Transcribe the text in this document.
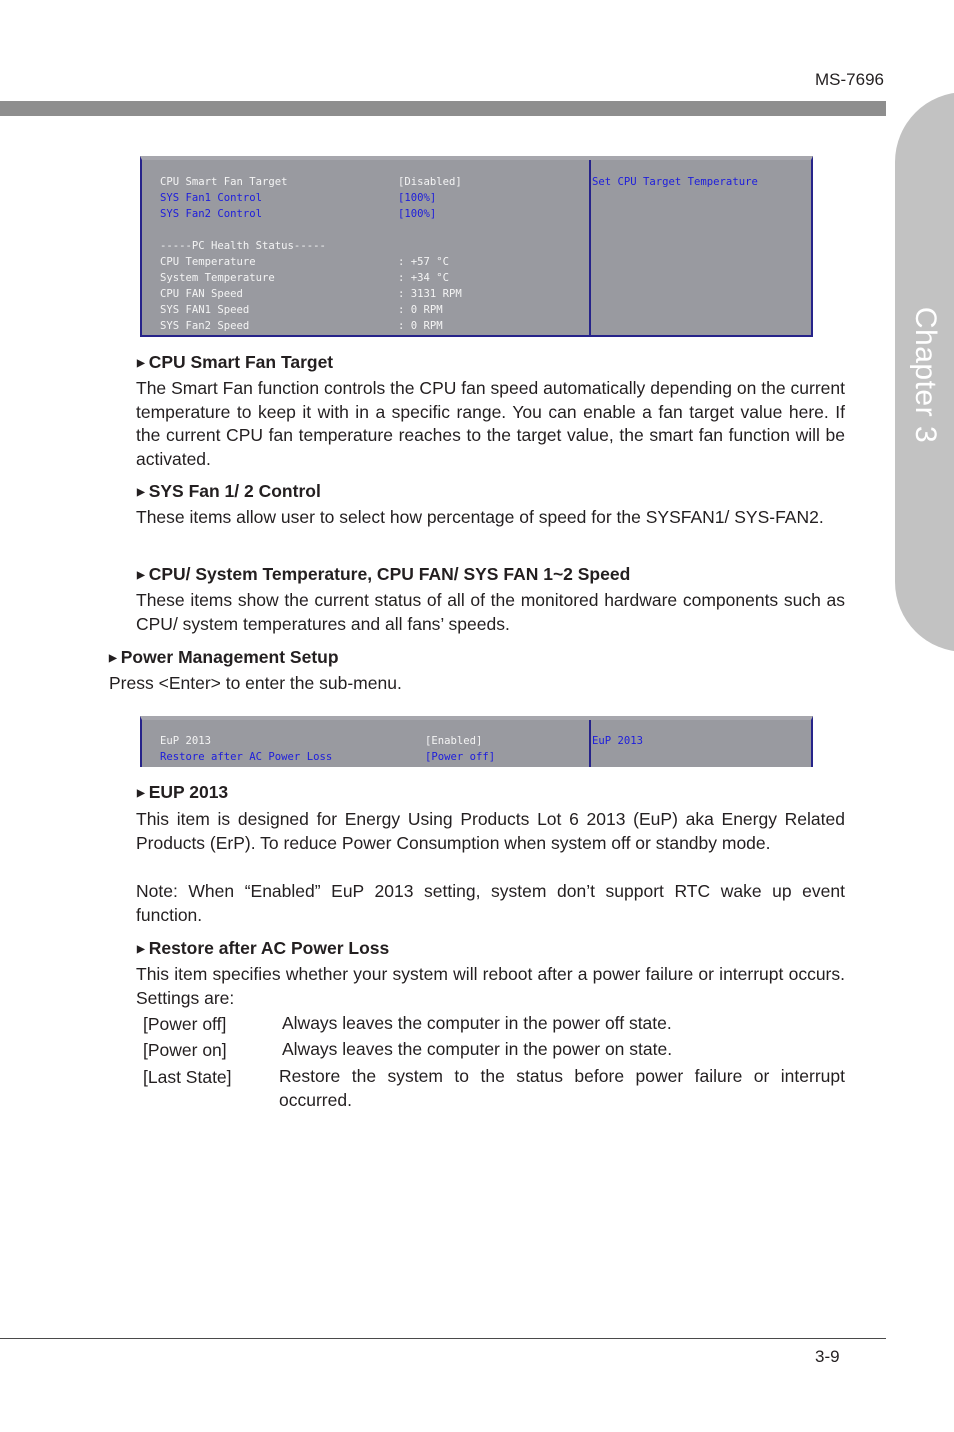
MS-7696
Chapter 3
CPU Smart Fan Target	[Disabled]
SYS Fan1 Control	[100%]
SYS Fan2 Control	[100%]
-----PC Health Status-----
CPU Temperature	: +57 °C
System Temperature	: +34 °C
CPU FAN Speed	: 3131 RPM
SYS FAN1 Speed	: 0 RPM
SYS Fan2 Speed	: 0 RPM
Set CPU Target Temperature
▶ CPU Smart Fan Target
The Smart Fan function controls the CPU fan speed automatically depending on the current temperature to keep it with in a specific range. You can enable a fan target value here. If the current CPU fan temperature reaches to the target value, the smart fan function will be activated.
▶ SYS Fan 1/ 2 Control
These items allow user to select how percentage of speed for the SYSFAN1/ SYS-FAN2.
▶ CPU/ System Temperature, CPU FAN/ SYS FAN 1~2 Speed
These items show the current status of all of the monitored hardware components such as CPU/ system temperatures and all fans’ speeds.
▶ Power Management Setup
Press <Enter> to enter the sub-menu.
EuP 2013	[Enabled]
Restore after AC Power Loss	[Power off]
EuP 2013
▶ EUP 2013
This item is designed for Energy Using Products Lot 6 2013 (EuP) aka Energy Related Products (ErP). To reduce Power Consumption when system off or standby mode.
Note: When “Enabled” EuP 2013 setting, system don’t support RTC wake up event function.
▶ Restore after AC Power Loss
This item specifies whether your system will reboot after a power failure or interrupt occurs. Settings are:
[Power off]	Always leaves the computer in the power off state.
[Power on]	Always leaves the computer in the power on state.
[Last State]	Restore the system to the status before power failure or interrupt occurred.
3-9
